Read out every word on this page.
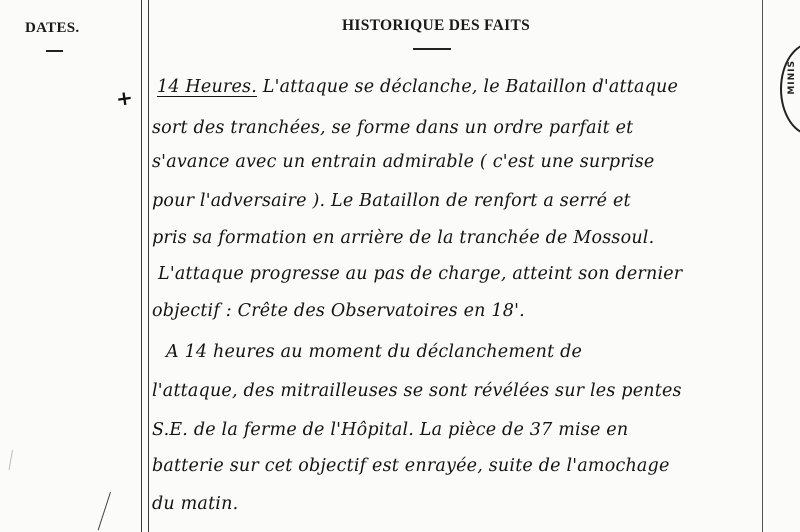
DATES.	HISTORIQUE DES FAITS
MINIS
+ 14 Heures. L'attaque se déclanche, le Bataillon d'attaque
sort des tranchées, se forme dans un ordre parfait et
s'avance avec un entrain admirable ( c'est une surprise
pour l'adversaire ). Le Bataillon de renfort a serré et
pris sa formation en arrière de la tranchée de Mossoul.
L'attaque progresse au pas de charge, atteint son dernier
objectif : Crête des Observatoires en 18'.
A 14 heures au moment du déclanchement de
l'attaque, des mitrailleuses se sont révélées sur les pentes
S.E. de la ferme de l'Hôpital. La pièce de 37 mise en
batterie sur cet objectif est enrayée, suite de l'amochage
du matin.
